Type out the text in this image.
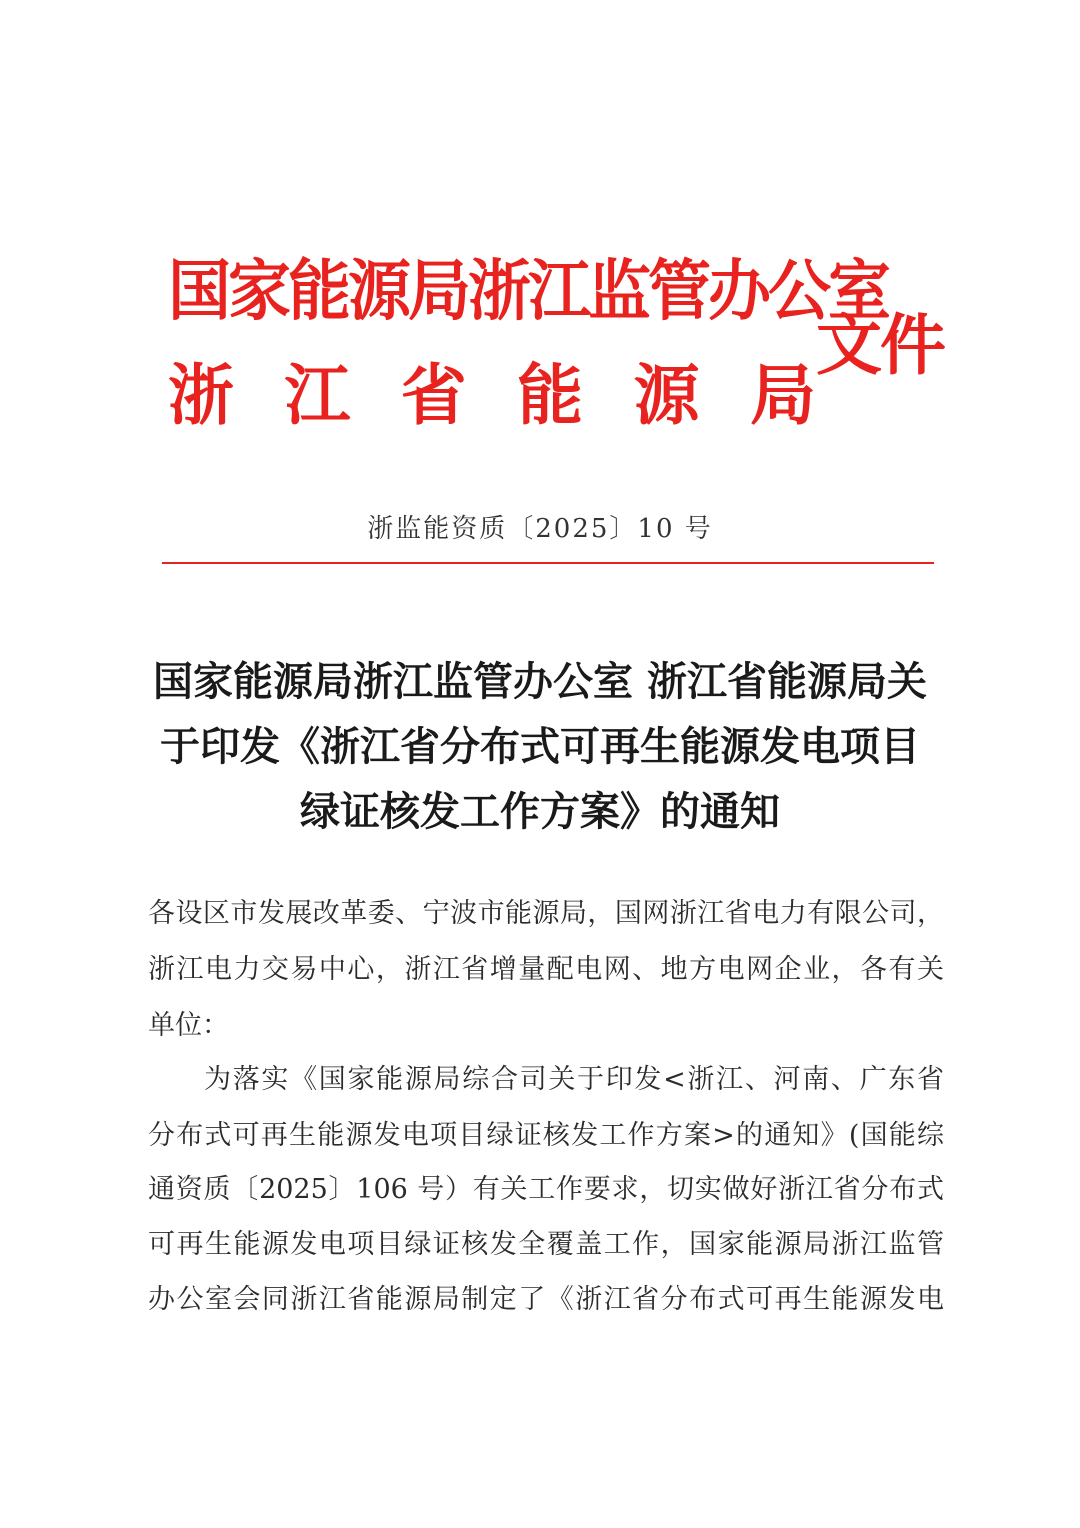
国家能源局浙江监管办公室
浙 江 省 能 源 局
文件
浙监能资质〔2025〕10 号
国家能源局浙江监管办公室 浙江省能源局关
于印发《浙江省分布式可再生能源发电项目
绿证核发工作方案》的通知
各设区市发展改革委、宁波市能源局，国网浙江省电力有限公司，
浙江电力交易中心，浙江省增量配电网、地方电网企业，各有关
单位：
为落实《国家能源局综合司关于印发<浙江、河南、广东省
分布式可再生能源发电项目绿证核发工作方案>的通知》(国能综
通资质〔2025〕106 号）有关工作要求，切实做好浙江省分布式
可再生能源发电项目绿证核发全覆盖工作，国家能源局浙江监管
办公室会同浙江省能源局制定了《浙江省分布式可再生能源发电
